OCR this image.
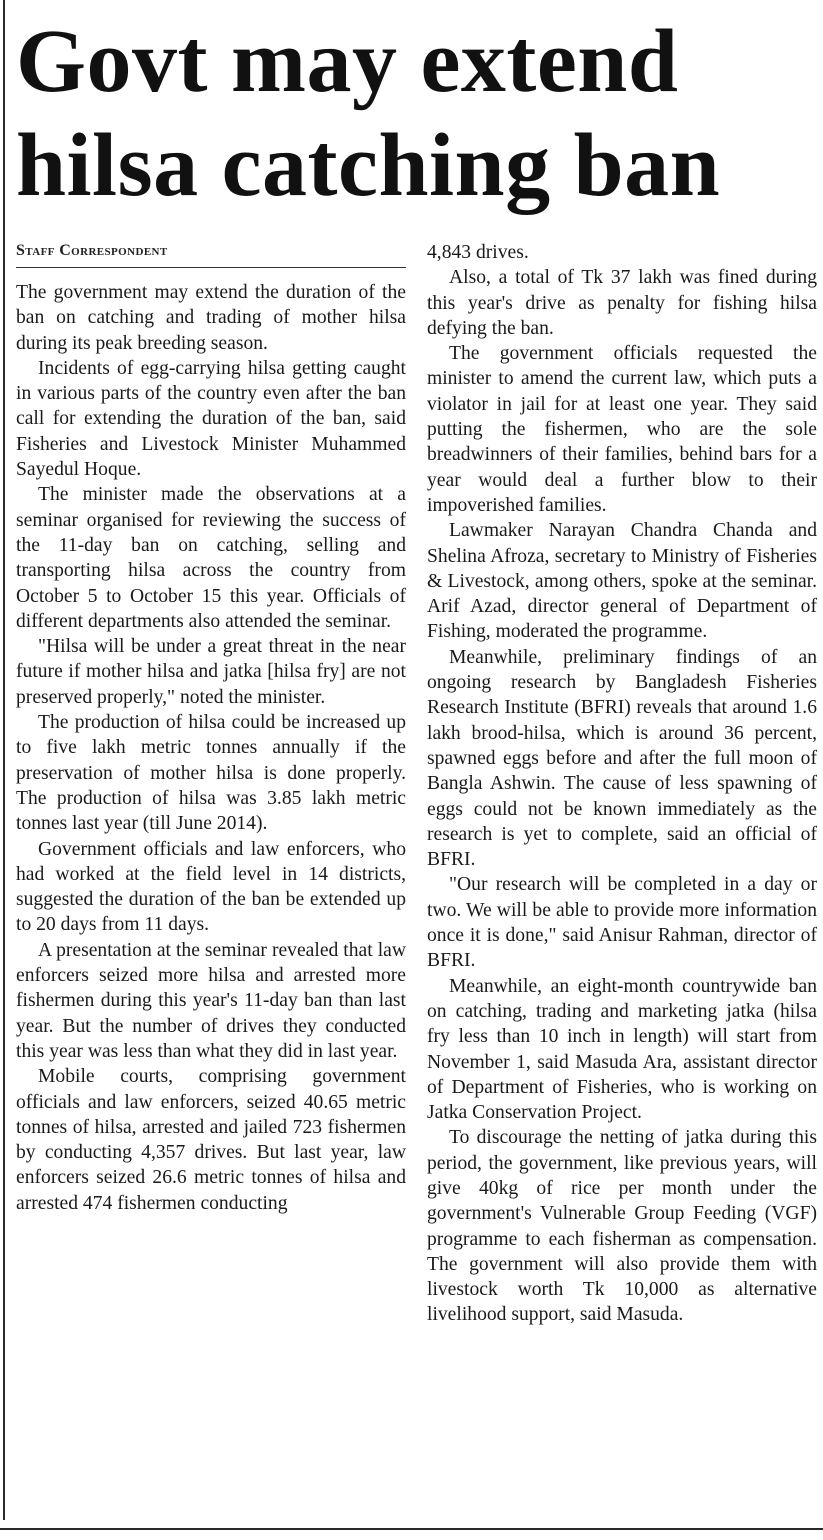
Govt may extend hilsa catching ban
Staff Correspondent

The government may extend the duration of the ban on catching and trading of mother hilsa during its peak breeding season.

Incidents of egg-carrying hilsa getting caught in various parts of the country even after the ban call for extending the duration of the ban, said Fisheries and Livestock Minister Muhammed Sayedul Hoque.

The minister made the observations at a seminar organised for reviewing the success of the 11-day ban on catching, selling and transporting hilsa across the country from October 5 to October 15 this year. Officials of different departments also attended the seminar.

"Hilsa will be under a great threat in the near future if mother hilsa and jatka [hilsa fry] are not preserved properly," noted the minister.

The production of hilsa could be increased up to five lakh metric tonnes annually if the preservation of mother hilsa is done properly. The production of hilsa was 3.85 lakh metric tonnes last year (till June 2014).

Government officials and law enforcers, who had worked at the field level in 14 districts, suggested the duration of the ban be extended up to 20 days from 11 days.

A presentation at the seminar revealed that law enforcers seized more hilsa and arrested more fishermen during this year's 11-day ban than last year. But the number of drives they conducted this year was less than what they did in last year.

Mobile courts, comprising government officials and law enforcers, seized 40.65 metric tonnes of hilsa, arrested and jailed 723 fishermen by conducting 4,357 drives. But last year, law enforcers seized 26.6 metric tonnes of hilsa and arrested 474 fishermen conducting

4,843 drives.

Also, a total of Tk 37 lakh was fined during this year's drive as penalty for fishing hilsa defying the ban.

The government officials requested the minister to amend the current law, which puts a violator in jail for at least one year. They said putting the fishermen, who are the sole breadwinners of their families, behind bars for a year would deal a further blow to their impoverished families.

Lawmaker Narayan Chandra Chanda and Shelina Afroza, secretary to Ministry of Fisheries & Livestock, among others, spoke at the seminar. Arif Azad, director general of Department of Fishing, moderated the programme.

Meanwhile, preliminary findings of an ongoing research by Bangladesh Fisheries Research Institute (BFRI) reveals that around 1.6 lakh brood-hilsa, which is around 36 percent, spawned eggs before and after the full moon of Bangla Ashwin. The cause of less spawning of eggs could not be known immediately as the research is yet to complete, said an official of BFRI.

"Our research will be completed in a day or two. We will be able to provide more information once it is done," said Anisur Rahman, director of BFRI.

Meanwhile, an eight-month countrywide ban on catching, trading and marketing jatka (hilsa fry less than 10 inch in length) will start from November 1, said Masuda Ara, assistant director of Department of Fisheries, who is working on Jatka Conservation Project.

To discourage the netting of jatka during this period, the government, like previous years, will give 40kg of rice per month under the government's Vulnerable Group Feeding (VGF) programme to each fisherman as compensation. The government will also provide them with livestock worth Tk 10,000 as alternative livelihood support, said Masuda.
